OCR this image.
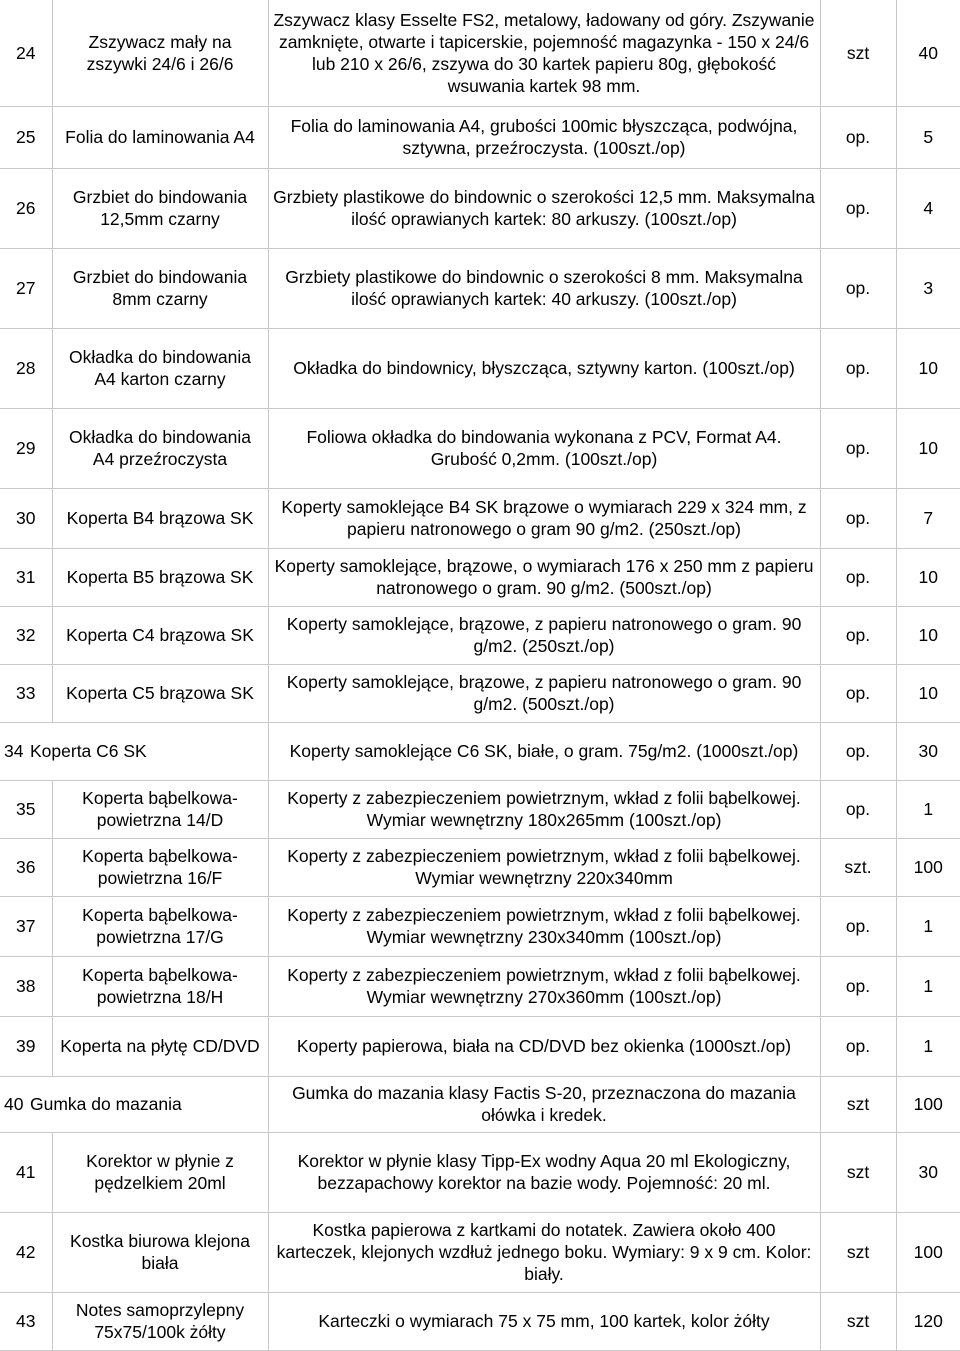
24	Zszywacz mały na zszywki 24/6 i 26/6	Zszywacz klasy Esselte FS2, metalowy, ładowany od góry. Zszywanie zamknięte, otwarte i tapicerskie, pojemność magazynka - 150 x 24/6 lub 210 x 26/6, zszywa do 30 kartek papieru 80g, głębokość wsuwania kartek 98 mm.	szt	40
25	Folia do laminowania A4	Folia do laminowania A4, grubości 100mic błyszcząca, podwójna, sztywna, przeźroczysta. (100szt./op)	op.	5
26	Grzbiet do bindowania 12,5mm czarny	Grzbiety plastikowe do bindownic o szerokości 12,5 mm. Maksymalna ilość oprawianych kartek: 80 arkuszy. (100szt./op)	op.	4
27	Grzbiet do bindowania 8mm czarny	Grzbiety plastikowe do bindownic o szerokości 8 mm. Maksymalna ilość oprawianych kartek: 40 arkuszy. (100szt./op)	op.	3
28	Okładka do bindowania A4 karton czarny	Okładka do bindownicy, błyszcząca, sztywny karton. (100szt./op)	op.	10
29	Okładka do bindowania A4 przeźroczysta	Foliowa okładka do bindowania wykonana z PCV, Format A4. Grubość 0,2mm. (100szt./op)	op.	10
30	Koperta B4 brązowa SK	Koperty samoklejące B4 SK brązowe o wymiarach 229 x 324 mm, z papieru natronowego o gram 90 g/m2. (250szt./op)	op.	7
31	Koperta B5 brązowa SK	Koperty samoklejące, brązowe, o wymiarach 176 x 250 mm z papieru natronowego o gram. 90 g/m2. (500szt./op)	op.	10
32	Koperta C4 brązowa SK	Koperty samoklejące, brązowe, z papieru natronowego o gram. 90 g/m2. (250szt./op)	op.	10
33	Koperta C5 brązowa SK	Koperty samoklejące, brązowe, z papieru natronowego o gram. 90 g/m2. (500szt./op)	op.	10
34 Koperta C6 SK		Koperty samoklejące C6 SK, białe, o gram. 75g/m2. (1000szt./op)	op.	30
35	Koperta bąbelkowa-powietrzna 14/D	Koperty z zabezpieczeniem powietrznym, wkład z folii bąbelkowej. Wymiar wewnętrzny 180x265mm (100szt./op)	op.	1
36	Koperta bąbelkowa-powietrzna 16/F	Koperty z zabezpieczeniem powietrznym, wkład z folii bąbelkowej. Wymiar wewnętrzny 220x340mm	szt.	100
37	Koperta bąbelkowa-powietrzna 17/G	Koperty z zabezpieczeniem powietrznym, wkład z folii bąbelkowej. Wymiar wewnętrzny 230x340mm (100szt./op)	op.	1
38	Koperta bąbelkowa-powietrzna 18/H	Koperty z zabezpieczeniem powietrznym, wkład z folii bąbelkowej. Wymiar wewnętrzny 270x360mm (100szt./op)	op.	1
39	Koperta na płytę CD/DVD	Koperty papierowa, biała na CD/DVD bez okienka (1000szt./op)	op.	1
40 Gumka do mazania		Gumka do mazania klasy Factis S-20, przeznaczona do mazania ołówka i kredek.	szt	100
41	Korektor w płynie z pędzelkiem 20ml	Korektor w płynie klasy Tipp-Ex wodny Aqua 20 ml Ekologiczny, bezzapachowy korektor na bazie wody. Pojemność: 20 ml.	szt	30
42	Kostka biurowa klejona biała	Kostka papierowa z kartkami do notatek. Zawiera około 400 karteczek, klejonych wzdłuż jednego boku. Wymiary: 9 x 9 cm. Kolor: biały.	szt	100
43	Notes samoprzylepny 75x75/100k żółty	Karteczki o wymiarach 75 x 75 mm, 100 kartek, kolor żółty	szt	120
